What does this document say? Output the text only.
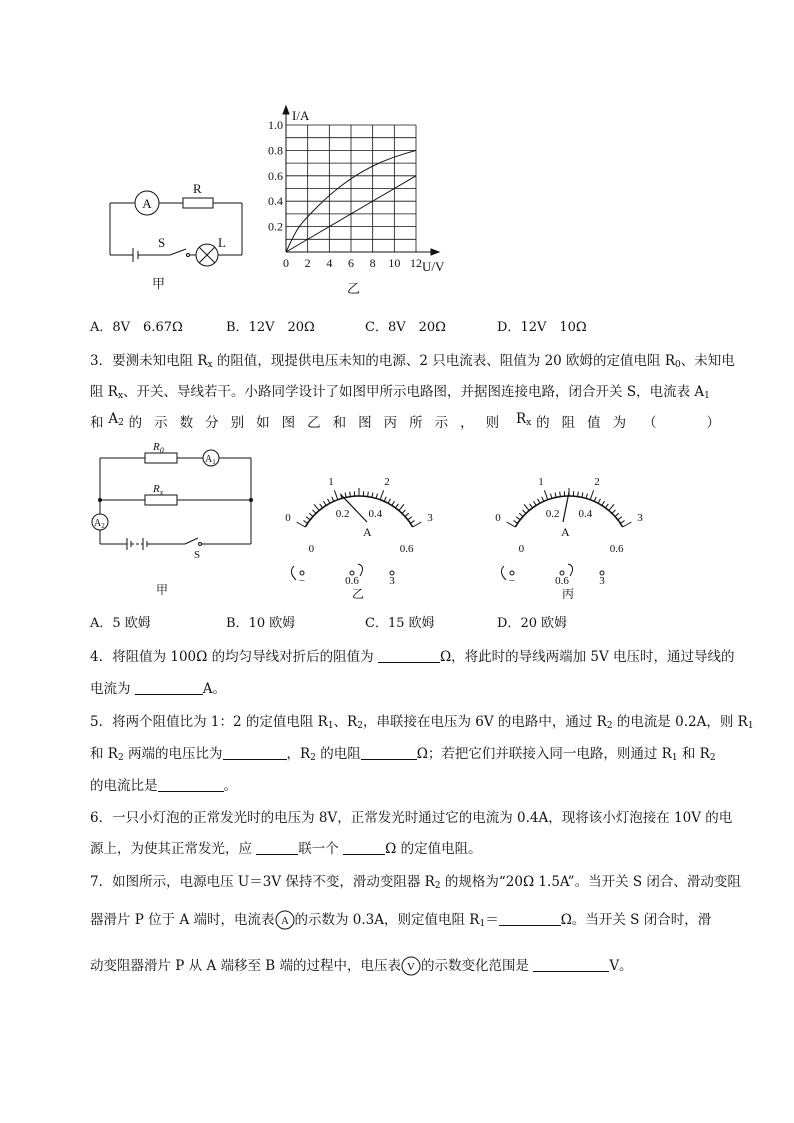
A
R
S	L
甲
0 2 4 6 8 10 12
0.2
0.4
0.6
0.8
1.0
I/A
U/V
乙
A．8V　6.67Ω	B．12V　20Ω	C．8V　20Ω	D．12V　10Ω
3．要测未知电阻 $R_x$ 的阻值，现提供电压未知的电源、2 只电流表、阻值为 20 欧姆的定值电阻 $R_0$、未知电
阻 $R_x$、开关、导线若干。小路同学设计了如图甲所示电路图，并据图连接电路，闭合开关 S，电流表 $A_1$
和 $A_2$ 的示数分别如图乙和图丙所示，则 $R_x$ 的阻值为 （	）
$R_0$
$A_1$
$R_x$
$A_2$
S
甲
0
1	2
3
0
0.2 0.4
0.6
A
−	0.6	3
乙
0
1	2
3
0
0.2 0.4
0.6
A
−	0.6	3
丙
A．5 欧姆	B．10 欧姆	C．15 欧姆	D．20 欧姆
4．将阻值为 100Ω 的均匀导线对折后的阻值为	Ω，将此时的导线两端加 5V 电压时，通过导线的
电流为	A。
5．将两个阻值比为 1：2 的定值电阻 $R_1$、$R_2$，串联接在电压为 6V 的电路中，通过 $R_2$ 的电流是 0.2A，则 $R_1$
和 $R_2$ 两端的电压比为	，$R_2$ 的电阻	Ω；若把它们并联接入同一电路，则通过 $R_1$ 和 $R_2$
的电流比是	。
6．一只小灯泡的正常发光时的电压为 8V，正常发光时通过它的电流为 0.4A，现将该小灯泡接在 10V 的电
源上，为使其正常发光，应	联一个	Ω 的定值电阻。
7．如图所示，电源电压 U＝3V 保持不变，滑动变阻器 $R_2$ 的规格为“20Ω 1.5A”。当开关 S 闭合、滑动变阻
器滑片 P 位于 A 端时，电流表 A 的示数为 0.3A，则定值电阻 $R_1=$	Ω。当开关 S 闭合时，滑
动变阻器滑片 P 从 A 端移至 B 端的过程中，电压表 V 的示数变化范围是	V。
